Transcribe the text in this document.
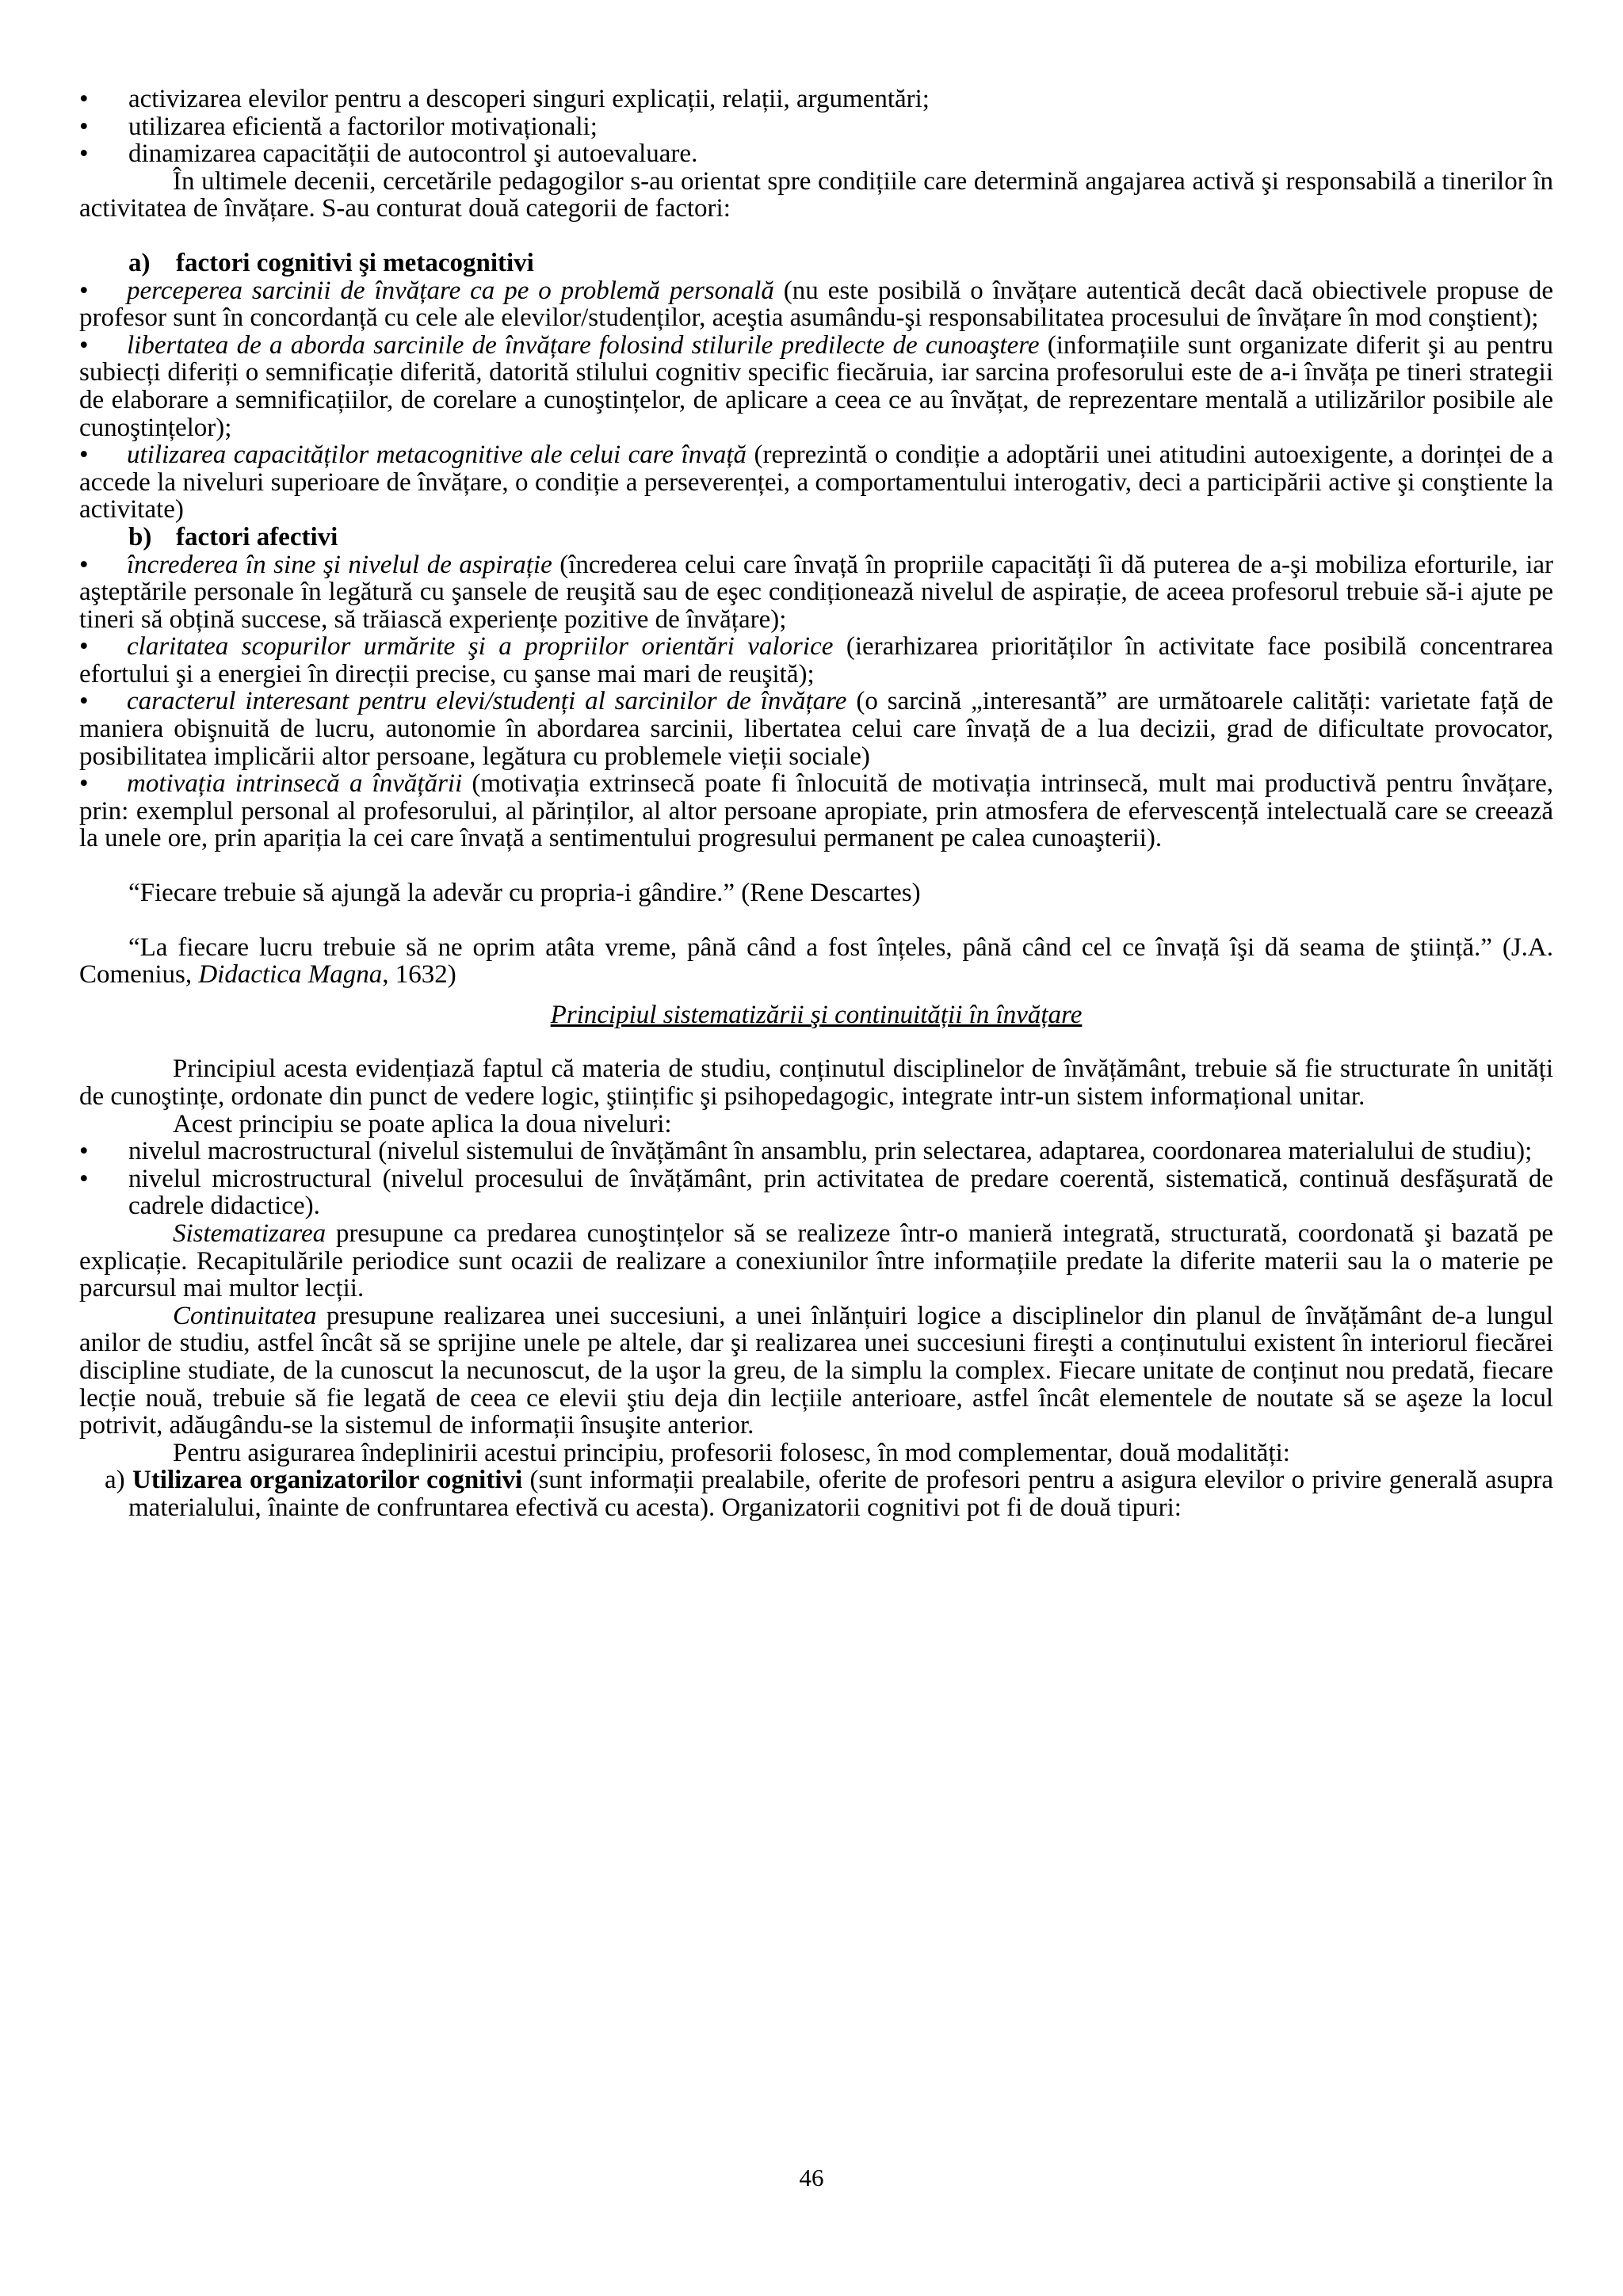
• activizarea elevilor pentru a descoperi singuri explicații, relații, argumentări;

• utilizarea eficientă a factorilor motivaționali;

• dinamizarea capacității de autocontrol şi autoevaluare.

În ultimele decenii, cercetările pedagogilor s-au orientat spre condițiile care determină angajarea activă şi responsabilă a tinerilor în activitatea de învățare. S-au conturat două categorii de factori:

a) factori cognitivi şi metacognitivi

• perceperea sarcinii de învățare ca pe o problemă personală (nu este posibilă o învățare autentică decât dacă obiectivele propuse de profesor sunt în concordanță cu cele ale elevilor/studenților, aceştia asumându-şi responsabilitatea procesului de învățare în mod conştient);

• libertatea de a aborda sarcinile de învățare folosind stilurile predilecte de cunoaştere (informațiile sunt organizate diferit şi au pentru subiecți diferiți o semnificație diferită, datorită stilului cognitiv specific fiecăruia, iar sarcina profesorului este de a-i învăța pe tineri strategii de elaborare a semnificațiilor, de corelare a cunoştințelor, de aplicare a ceea ce au învățat, de reprezentare mentală a utilizărilor posibile ale cunoştințelor);

• utilizarea capacităților metacognitive ale celui care învață (reprezintă o condiție a adoptării unei atitudini autoexigente, a dorinței de a accede la niveluri superioare de învățare, o condiție a perseverenței, a comportamentului interogativ, deci a participării active şi conştiente la activitate)

b) factori afectivi

• încrederea în sine şi nivelul de aspirație (încrederea celui care învață în propriile capacități îi dă puterea de a-şi mobiliza eforturile, iar aşteptările personale în legătură cu şansele de reuşită sau de eşec condiționează nivelul de aspirație, de aceea profesorul trebuie să-i ajute pe tineri să obțină succese, să trăiască experiențe pozitive de învățare);

• claritatea scopurilor urmărite şi a propriilor orientări valorice (ierarhizarea priorităților în activitate face posibilă concentrarea efortului şi a energiei în direcții precise, cu şanse mai mari de reuşită);

• caracterul interesant pentru elevi/studenți al sarcinilor de învățare (o sarcină „interesantă” are următoarele calități: varietate față de maniera obişnuită de lucru, autonomie în abordarea sarcinii, libertatea celui care învață de a lua decizii, grad de dificultate provocator, posibilitatea implicării altor persoane, legătura cu problemele vieții sociale)

• motivația intrinsecă a învățării (motivația extrinsecă poate fi înlocuită de motivația intrinsecă, mult mai productivă pentru învățare, prin: exemplul personal al profesorului, al părinților, al altor persoane apropiate, prin atmosfera de efervescență intelectuală care se creează la unele ore, prin apariția la cei care învață a sentimentului progresului permanent pe calea cunoaşterii).

“Fiecare trebuie să ajungă la adevăr cu propria-i gândire.” (Rene Descartes)

“La fiecare lucru trebuie să ne oprim atâta vreme, până când a fost înțeles, până când cel ce învață îşi dă seama de ştiință.” (J.A. Comenius, Didactica Magna, 1632)

Principiul sistematizării şi continuității în învățare

Principiul acesta evidențiază faptul că materia de studiu, conținutul disciplinelor de învățământ, trebuie să fie structurate în unități de cunoştințe, ordonate din punct de vedere logic, ştiințific şi psihopedagogic, integrate intr-un sistem informațional unitar.

Acest principiu se poate aplica la doua niveluri:

• nivelul macrostructural (nivelul sistemului de învățământ în ansamblu, prin selectarea, adaptarea, coordonarea materialului de studiu);

• nivelul microstructural (nivelul procesului de învățământ, prin activitatea de predare coerentă, sistematică, continuă desfăşurată de cadrele didactice).

Sistematizarea presupune ca predarea cunoştințelor să se realizeze într-o manieră integrată, structurată, coordonată şi bazată pe explicație. Recapitulările periodice sunt ocazii de realizare a conexiunilor între informațiile predate la diferite materii sau la o materie pe parcursul mai multor lecții.

Continuitatea presupune realizarea unei succesiuni, a unei înlănțuiri logice a disciplinelor din planul de învățământ de-a lungul anilor de studiu, astfel încât să se sprijine unele pe altele, dar şi realizarea unei succesiuni fireşti a conținutului existent în interiorul fiecărei discipline studiate, de la cunoscut la necunoscut, de la uşor la greu, de la simplu la complex. Fiecare unitate de conținut nou predată, fiecare lecție nouă, trebuie să fie legată de ceea ce elevii ştiu deja din lecțiile anterioare, astfel încât elementele de noutate să se aşeze la locul potrivit, adăugându-se la sistemul de informații însuşite anterior.

Pentru asigurarea îndeplinirii acestui principiu, profesorii folosesc, în mod complementar, două modalități:

a) Utilizarea organizatorilor cognitivi (sunt informații prealabile, oferite de profesori pentru a asigura elevilor o privire generală asupra materialului, înainte de confruntarea efectivă cu acesta). Organizatorii cognitivi pot fi de două tipuri:

46
